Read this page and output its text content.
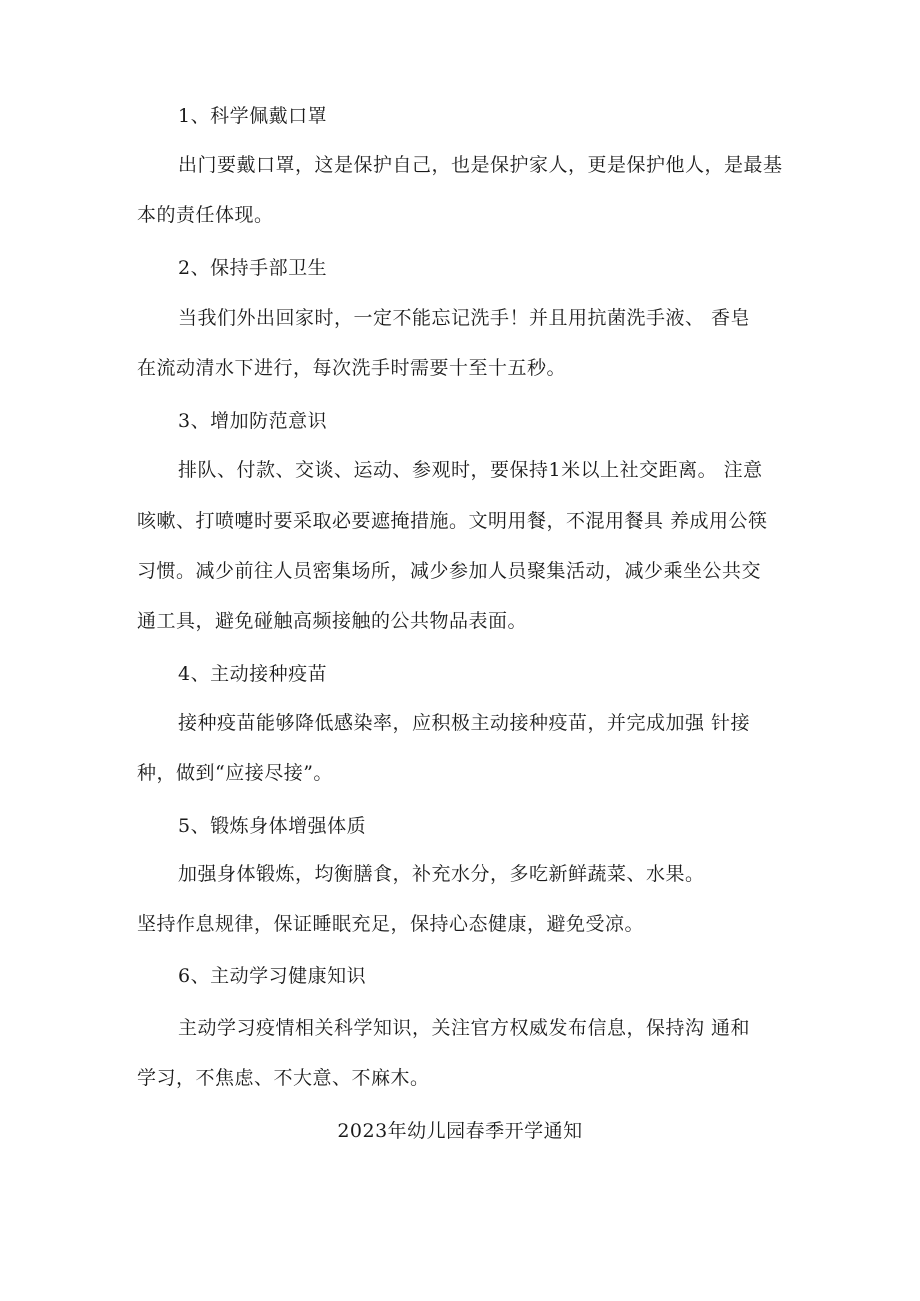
1、科学佩戴口罩
出门要戴口罩，这是保护自己，也是保护家人，更是保护他人，是最基
本的责任体现。
2、保持手部卫生
当我们外出回家时，一定不能忘记洗手！并且用抗菌洗手液、 香皂
在流动清水下进行，每次洗手时需要十至十五秒。
3、增加防范意识
排队、付款、交谈、运动、参观时，要保持1米以上社交距离。 注意
咳嗽、打喷嚏时要采取必要遮掩措施。文明用餐，不混用餐具 养成用公筷
习惯。减少前往人员密集场所，减少参加人员聚集活动，减少乘坐公共交
通工具，避免碰触高频接触的公共物品表面。
4、主动接种疫苗
接种疫苗能够降低感染率，应积极主动接种疫苗，并完成加强 针接
种，做到“应接尽接”。
5、锻炼身体增强体质
加强身体锻炼，均衡膳食，补充水分，多吃新鲜蔬菜、水果。
坚持作息规律，保证睡眠充足，保持心态健康，避免受凉。
6、主动学习健康知识
主动学习疫情相关科学知识，关注官方权威发布信息，保持沟 通和
学习，不焦虑、不大意、不麻木。
2023年幼儿园春季开学通知
